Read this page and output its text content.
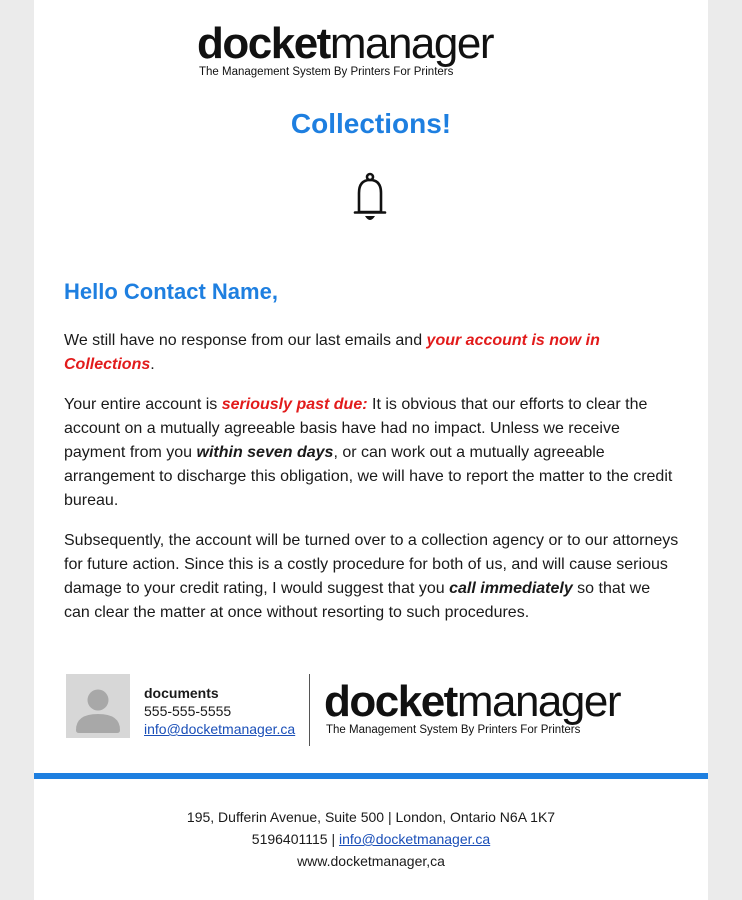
docketmanager
The Management System By Printers For Printers
Collections!
Hello Contact Name,

We still have no response from our last emails and your account is now in Collections.

Your entire account is seriously past due: It is obvious that our efforts to clear the account on a mutually agreeable basis have had no impact. Unless we receive payment from you within seven days, or can work out a mutually agreeable arrangement to discharge this obligation, we will have to report the matter to the credit bureau.

Subsequently, the account will be turned over to a collection agency or to our attorneys for future action. Since this is a costly procedure for both of us, and will cause serious damage to your credit rating, I would suggest that you call immediately so that we can clear the matter at once without resorting to such procedures.

documents
555-555-5555
info@docketmanager.ca
docketmanager
The Management System By Printers For Printers
195, Dufferin Avenue, Suite 500 | London, Ontario N6A 1K7
5196401115 | info@docketmanager.ca
www.docketmanager,ca
